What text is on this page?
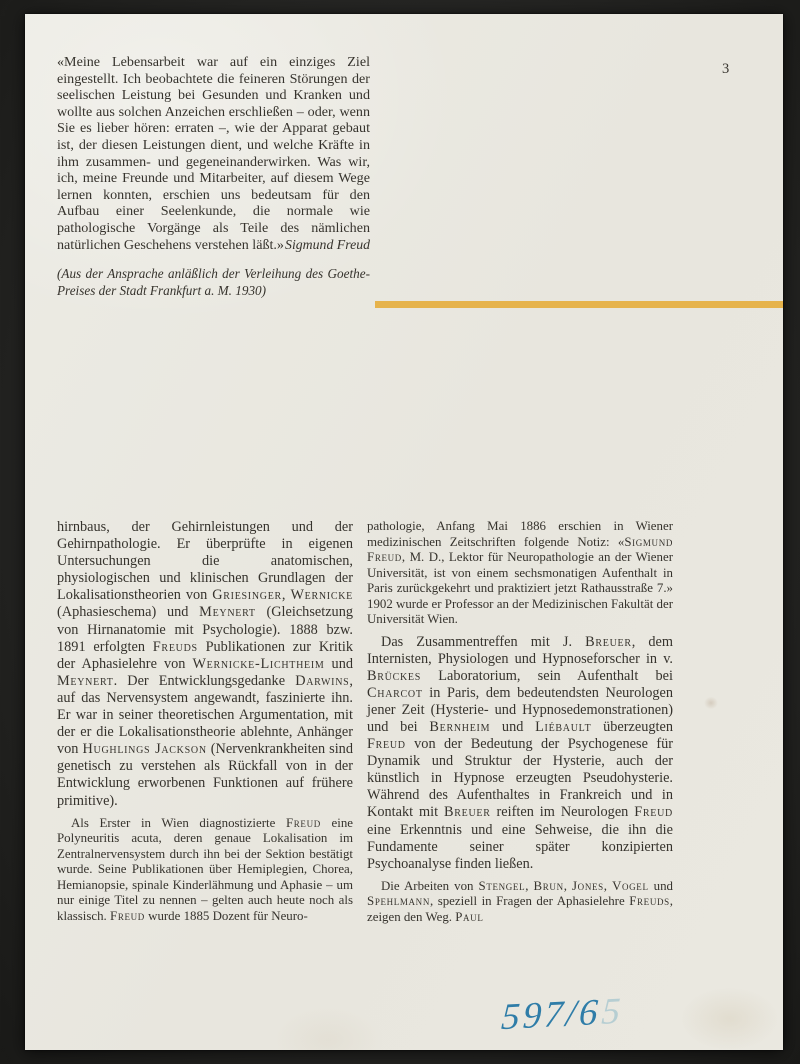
«Meine Lebensarbeit war auf ein einziges Ziel eingestellt. Ich beobachtete die feineren Störungen der seelischen Leistung bei Gesunden und Kranken und wollte aus solchen Anzeichen erschließen – oder, wenn Sie es lieber hören: erraten –, wie der Apparat gebaut ist, der diesen Leistungen dient, und welche Kräfte in ihm zusammen- und gegeneinanderwirken. Was wir, ich, meine Freunde und Mitarbeiter, auf diesem Wege lernen konnten, erschien uns bedeutsam für den Aufbau einer Seelenkunde, die normale wie pathologische Vorgänge als Teile des nämlichen natürlichen Geschehens verstehen läßt.» Sigmund Freud
(Aus der Ansprache anläßlich der Verleihung des Goethe-Preises der Stadt Frankfurt a. M. 1930)
3

hirnbaus, der Gehirnleistungen und der Gehirnpathologie. Er überprüfte in eigenen Untersuchungen die anatomischen, physiologischen und klinischen Grundlagen der Lokalisationstheorien von Griesinger, Wernicke (Aphasieschema) und Meynert (Gleichsetzung von Hirnanatomie mit Psychologie). 1888 bzw. 1891 erfolgten Freuds Publikationen zur Kritik der Aphasielehre von Wernicke-Lichtheim und Meynert. Der Entwicklungsgedanke Darwins, auf das Nervensystem angewandt, faszinierte ihn. Er war in seiner theoretischen Argumentation, mit der er die Lokalisationstheorie ablehnte, Anhänger von Hughlings Jackson (Nervenkrankheiten sind genetisch zu verstehen als Rückfall von in der Entwicklung erworbenen Funktionen auf frühere primitive).

Als Erster in Wien diagnostizierte Freud eine Polyneuritis acuta, deren genaue Lokalisation im Zentralnervensystem durch ihn bei der Sektion bestätigt wurde. Seine Publikationen über Hemiplegien, Chorea, Hemianopsie, spinale Kinderlähmung und Aphasie – um nur einige Titel zu nennen – gelten auch heute noch als klassisch. Freud wurde 1885 Dozent für Neuro-

pathologie, Anfang Mai 1886 erschien in Wiener medizinischen Zeitschriften folgende Notiz: «Sigmund Freud, M. D., Lektor für Neuropathologie an der Wiener Universität, ist von einem sechsmonatigen Aufenthalt in Paris zurückgekehrt und praktiziert jetzt Rathausstraße 7.» 1902 wurde er Professor an der Medizinischen Fakultät der Universität Wien.

Das Zusammentreffen mit J. Breuer, dem Internisten, Physiologen und Hypnoseforscher in v. Brückes Laboratorium, sein Aufenthalt bei Charcot in Paris, dem bedeutendsten Neurologen jener Zeit (Hysterie- und Hypnosedemonstrationen) und bei Bernheim und Liébault überzeugten Freud von der Bedeutung der Psychogenese für Dynamik und Struktur der Hysterie, auch der künstlich in Hypnose erzeugten Pseudohysterie. Während des Aufenthaltes in Frankreich und in Kontakt mit Breuer reiften im Neurologen Freud eine Erkenntnis und eine Sehweise, die ihn die Fundamente seiner später konzipierten Psychoanalyse finden ließen.

Die Arbeiten von Stengel, Brun, Jones, Vogel und Spehlmann, speziell in Fragen der Aphasielehre Freuds, zeigen den Weg. Paul

597/65
